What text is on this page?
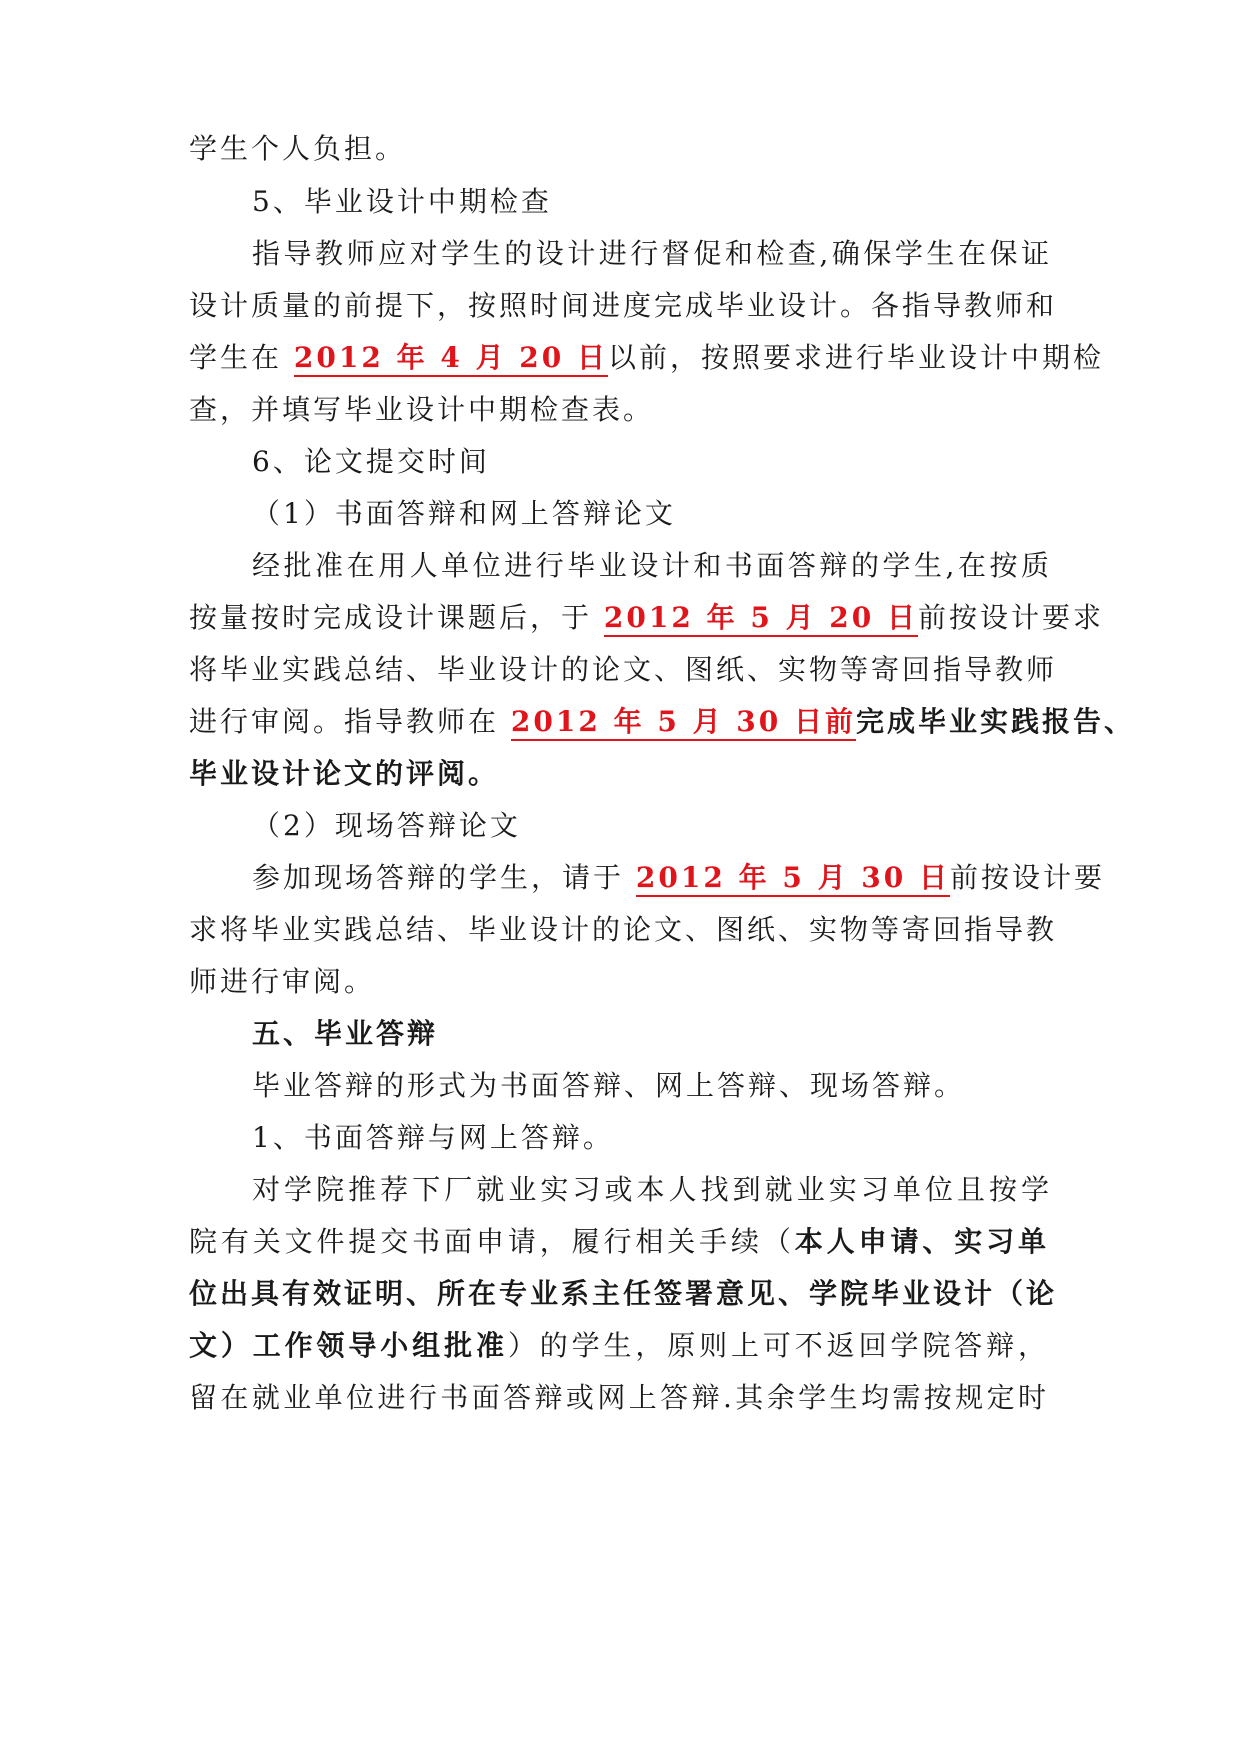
学生个人负担。
5、毕业设计中期检查
指导教师应对学生的设计进行督促和检查,确保学生在保证
设计质量的前提下，按照时间进度完成毕业设计。各指导教师和
学生在 2012 年 4 月 20 日以前，按照要求进行毕业设计中期检
查，并填写毕业设计中期检查表。
6、论文提交时间
（1）书面答辩和网上答辩论文
经批准在用人单位进行毕业设计和书面答辩的学生,在按质
按量按时完成设计课题后，于 2012 年 5 月 20 日前按设计要求
将毕业实践总结、毕业设计的论文、图纸、实物等寄回指导教师
进行审阅。指导教师在 2012 年 5 月 30 日前完成毕业实践报告、
毕业设计论文的评阅。
（2）现场答辩论文
参加现场答辩的学生，请于 2012 年 5 月 30 日前按设计要
求将毕业实践总结、毕业设计的论文、图纸、实物等寄回指导教
师进行审阅。
五、毕业答辩
毕业答辩的形式为书面答辩、网上答辩、现场答辩。
1、书面答辩与网上答辩。
对学院推荐下厂就业实习或本人找到就业实习单位且按学
院有关文件提交书面申请，履行相关手续（本人申请、实习单
位出具有效证明、所在专业系主任签署意见、学院毕业设计（论
文）工作领导小组批准）的学生，原则上可不返回学院答辩，
留在就业单位进行书面答辩或网上答辩.其余学生均需按规定时
